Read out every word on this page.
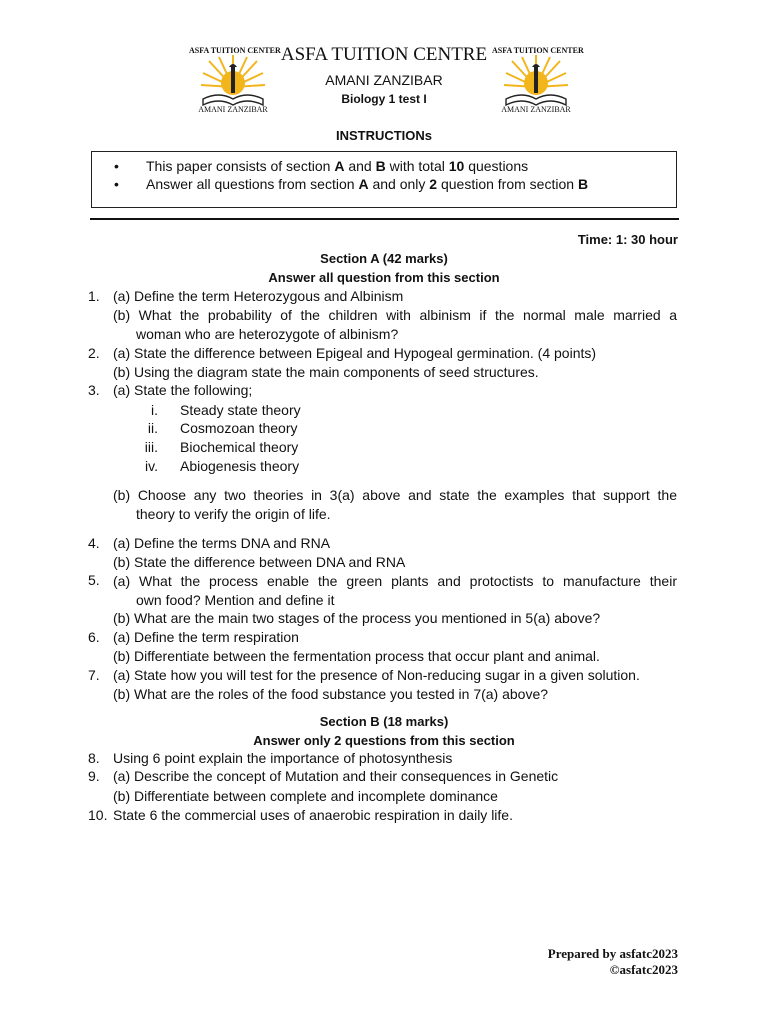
ASFA TUITION CENTER
AMANI ZANZIBAR
ASFA TUITION CENTER
AMANI ZANZIBAR
ASFA TUITION CENTRE
AMANI ZANZIBAR
Biology 1 test I
INSTRUCTIONs
• This paper consists of section A and B with total 10 questions
• Answer all questions from section A and only 2 question from section B
Time: 1: 30 hour
Section A (42 marks)
Answer all question from this section
1. (a) Define the term Heterozygous and Albinism
(b) What the probability of the children with albinism if the normal male married a
woman who are heterozygote of albinism?
2. (a) State the difference between Epigeal and Hypogeal germination. (4 points)
(b) Using the diagram state the main components of seed structures.
3. (a) State the following;
i. Steady state theory
ii. Cosmozoan theory
iii. Biochemical theory
iv. Abiogenesis theory
(b) Choose any two theories in 3(a) above and state the examples that support the
theory to verify the origin of life.
4. (a) Define the terms DNA and RNA
(b) State the difference between DNA and RNA
5. (a) What the process enable the green plants and protoctists to manufacture their
own food? Mention and define it
(b) What are the main two stages of the process you mentioned in 5(a) above?
6. (a) Define the term respiration
(b) Differentiate between the fermentation process that occur plant and animal.
7. (a) State how you will test for the presence of Non-reducing sugar in a given solution.
(b) What are the roles of the food substance you tested in 7(a) above?
Section B (18 marks)
Answer only 2 questions from this section
8. Using 6 point explain the importance of photosynthesis
9. (a) Describe the concept of Mutation and their consequences in Genetic
(b) Differentiate between complete and incomplete dominance
10. State 6 the commercial uses of anaerobic respiration in daily life.
Prepared by asfatc2023
©asfatc2023
